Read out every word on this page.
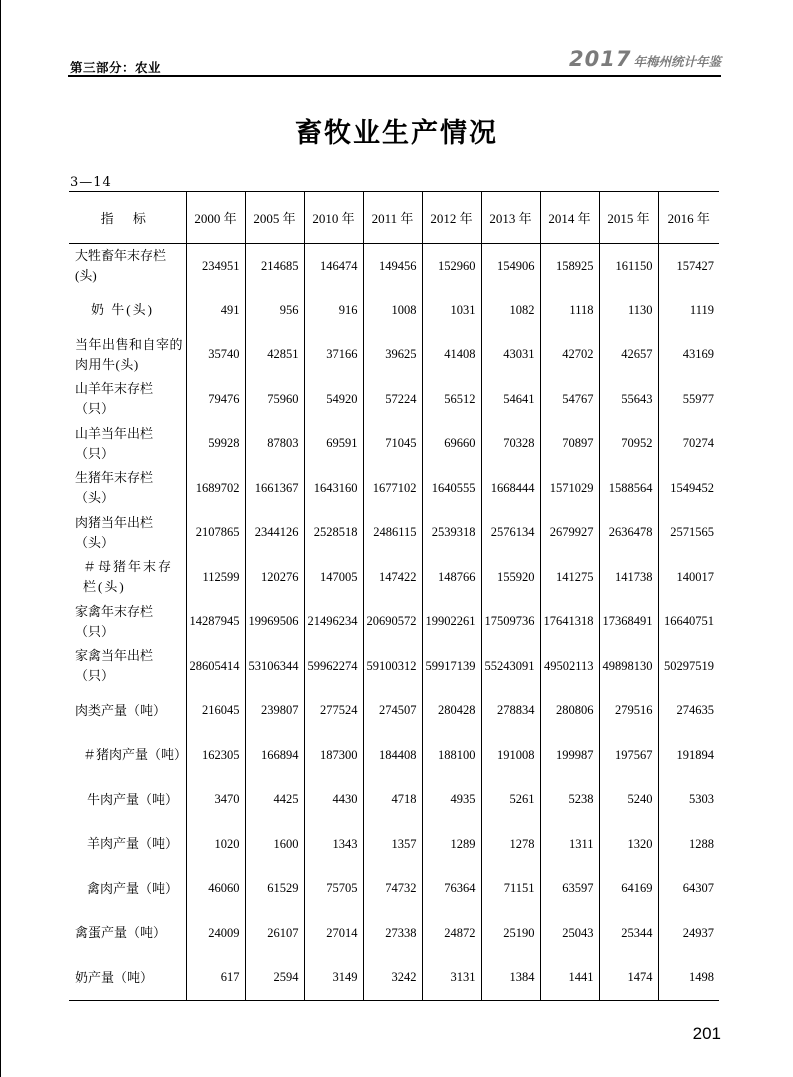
第三部分：农业	2017 年梅州统计年鉴
畜牧业生产情况
3—14
指 标	2000 年	2005 年	2010 年	2011 年	2012 年	2013 年	2014 年	2015 年	2016 年
大牲畜年末存栏(头)	234951	214685	146474	149456	152960	154906	158925	161150	157427
奶 牛(头)	491	956	916	1008	1031	1082	1118	1130	1119
当年出售和自宰的肉用牛(头)	35740	42851	37166	39625	41408	43031	42702	42657	43169
山羊年末存栏（只）	79476	75960	54920	57224	56512	54641	54767	55643	55977
山羊当年出栏（只）	59928	87803	69591	71045	69660	70328	70897	70952	70274
生猪年末存栏（头）	1689702	1661367	1643160	1677102	1640555	1668444	1571029	1588564	1549452
肉猪当年出栏（头）	2107865	2344126	2528518	2486115	2539318	2576134	2679927	2636478	2571565
＃母猪年末存栏(头)	112599	120276	147005	147422	148766	155920	141275	141738	140017
家禽年末存栏（只）	14287945	19969506	21496234	20690572	19902261	17509736	17641318	17368491	16640751
家禽当年出栏（只）	28605414	53106344	59962274	59100312	59917139	55243091	49502113	49898130	50297519
肉类产量（吨）	216045	239807	277524	274507	280428	278834	280806	279516	274635
＃猪肉产量（吨）	162305	166894	187300	184408	188100	191008	199987	197567	191894
牛肉产量（吨）	3470	4425	4430	4718	4935	5261	5238	5240	5303
羊肉产量（吨）	1020	1600	1343	1357	1289	1278	1311	1320	1288
禽肉产量（吨）	46060	61529	75705	74732	76364	71151	63597	64169	64307
禽蛋产量（吨）	24009	26107	27014	27338	24872	25190	25043	25344	24937
奶产量（吨）	617	2594	3149	3242	3131	1384	1441	1474	1498
201
